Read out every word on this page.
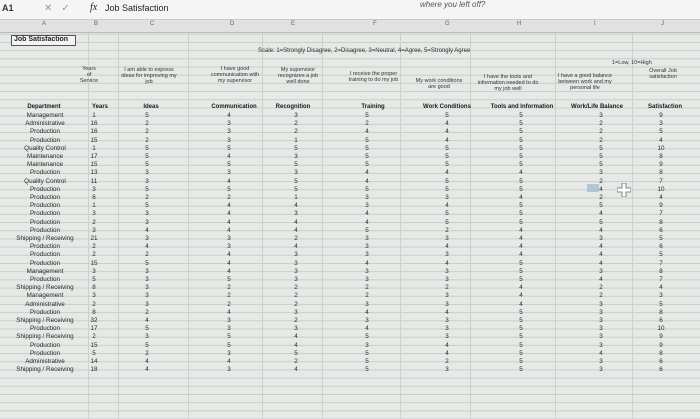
A1	✕✓ fx Job Satisfaction	where you left off?
A	B	C	D	E	F	G	H	I	J
Job Satisfaction
Scale: 1=Strongly Disagree, 2=Disagree, 3=Neutral, 4=Agree, 5=Strongly Agree
1=Low, 10=High
Years
of
Service
I am able to express
ideas for improving my
job
I have good
communication with
my supervisor
My supervisor
recognizes a job
well done
I receive the proper
training to do my job	My work conditions
are good
I have the tools and
information needed to do
my job well
I have a good balance
between work and my
personal life
Overall Job
satisfaction
Department	Years	Ideas	Communication	Recognition	Training	Work Conditions	Tools and Information	Work/Life Balance	Satisfaction
Management	1	5	4	3	5	5	5	3	9
Administrative	16	2	3	2	2	4	5	2	3
Production	16	2	3	2	4	4	5	2	5
Production	15	2	3	1	5	4	5	2	4
Quality Control	1	5	5	5	5	5	5	5	10
Maintenance	17	5	4	3	5	5	5	5	8
Maintenance	15	5	5	5	5	5	5	5	9
Production	13	3	3	3	4	4	4	3	8
Quality Control	11	3	4	5	4	5	5	2	7
Production	3	5	5	5	5	5	5	4	10
Production	6	2	2	1	3	3	4	2	4
Production	1	5	4	4	3	4	5	5	9
Production	3	3	4	3	4	5	5	4	7
Production	2	3	4	4	4	5	5	5	8
Production	3	4	4	4	5	2	4	4	6
Shipping / Receiving	21	3	3	2	3	3	4	3	5
Production	2	4	3	4	3	4	4	4	6
Production	2	2	4	3	3	3	4	4	5
Production	15	5	4	3	4	4	5	4	7
Management	3	3	4	3	3	3	5	3	8
Production	5	3	5	3	3	3	5	4	7
Shipping / Receiving	8	3	2	2	2	2	4	2	4
Management	3	3	2	2	2	3	4	2	3
Administrative	2	3	2	2	3	3	4	3	5
Production	8	2	4	3	4	4	5	3	8
Shipping / Receiving	32	4	3	2	3	3	5	3	6
Production	17	5	3	3	4	3	5	3	10
Shipping / Receiving	2	3	5	4	5	3	5	3	9
Production	15	5	5	4	3	4	5	3	9
Production	5	2	3	5	5	4	5	4	8
Administrative	14	4	4	2	5	2	5	3	6
Shipping / Receiving	18	4	3	4	5	3	5	3	6
